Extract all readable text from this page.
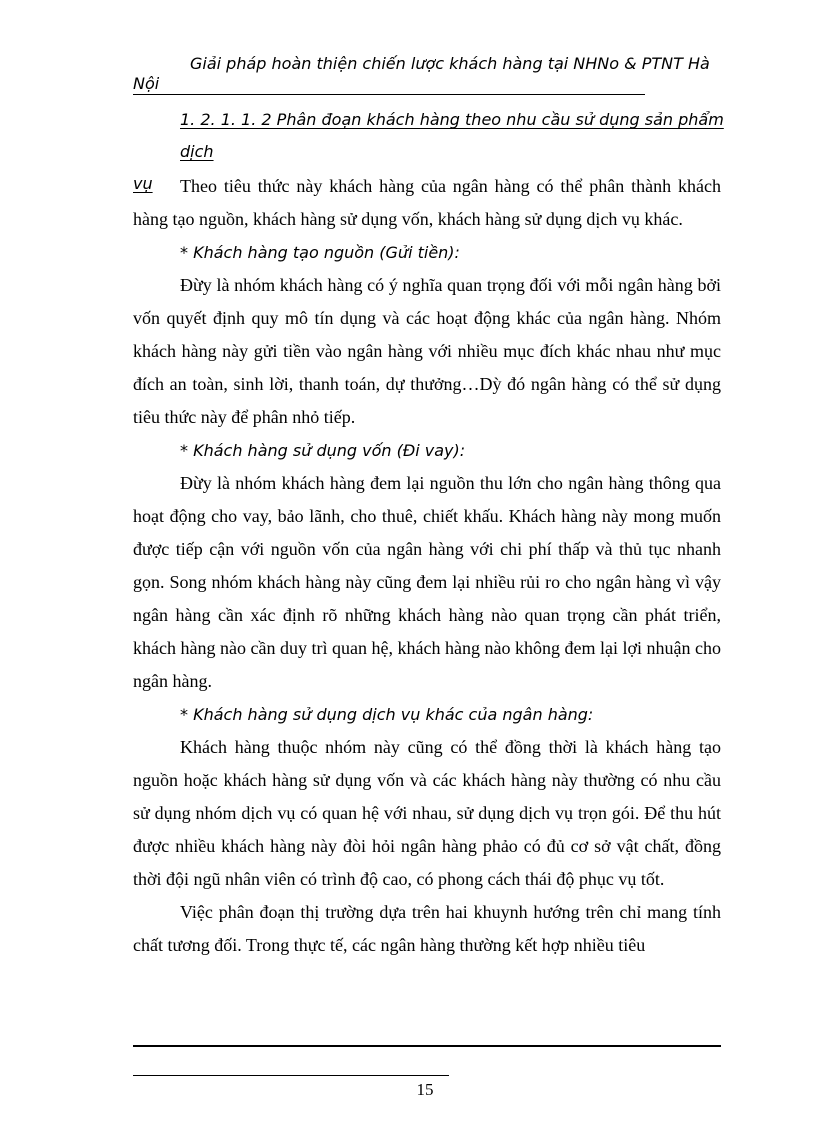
Giải pháp hoàn thiện chiến lược khách hàng tại NHNo & PTNT Hà
Nội
1. 2. 1. 1. 2 Phân đoạn khách hàng theo nhu cầu sử dụng sản phẩm dịch
vụ	Theo tiêu thức này khách hàng của ngân hàng có thể phân thành khách hàng tạo nguồn, khách hàng sử dụng vốn, khách hàng sử dụng dịch vụ khác.

* Khách hàng tạo nguồn (Gửi tiền):

Đừy là nhóm khách hàng có ý nghĩa quan trọng đối với mỗi ngân hàng bởi vốn quyết định quy mô tín dụng và các hoạt động khác của ngân hàng. Nhóm khách hàng này gửi tiền vào ngân hàng với nhiều mục đích khác nhau như mục đích an toàn, sinh lời, thanh toán, dự thưởng…Dỳ đó ngân hàng có thể sử dụng tiêu thức này để phân nhỏ tiếp.

* Khách hàng sử dụng vốn (Đi vay):

Đừy là nhóm khách hàng đem lại nguồn thu lớn cho ngân hàng thông qua hoạt động cho vay, bảo lãnh, cho thuê, chiết khấu. Khách hàng này mong muốn được tiếp cận với nguồn vốn của ngân hàng với chi phí thấp và thủ tục nhanh gọn. Song nhóm khách hàng này cũng đem lại nhiều rủi ro cho ngân hàng vì vậy ngân hàng cần xác định rõ những khách hàng nào quan trọng cần phát triển, khách hàng nào cần duy trì quan hệ, khách hàng nào không đem lại lợi nhuận cho ngân hàng.

* Khách hàng sử dụng dịch vụ khác của ngân hàng:

Khách hàng thuộc nhóm này cũng có thể đồng thời là khách hàng tạo nguồn hoặc khách hàng sử dụng vốn và các khách hàng này thường có nhu cầu sử dụng nhóm dịch vụ có quan hệ với nhau, sử dụng dịch vụ trọn gói. Để thu hút được nhiều khách hàng này đòi hỏi ngân hàng phảo có đủ cơ sở vật chất, đồng thời đội ngũ nhân viên có trình độ cao, có phong cách thái độ phục vụ tốt.

Việc phân đoạn thị trường dựa trên hai khuynh hướng trên chỉ mang tính chất tương đối. Trong thực tế, các ngân hàng thường kết hợp nhiều tiêu

15
